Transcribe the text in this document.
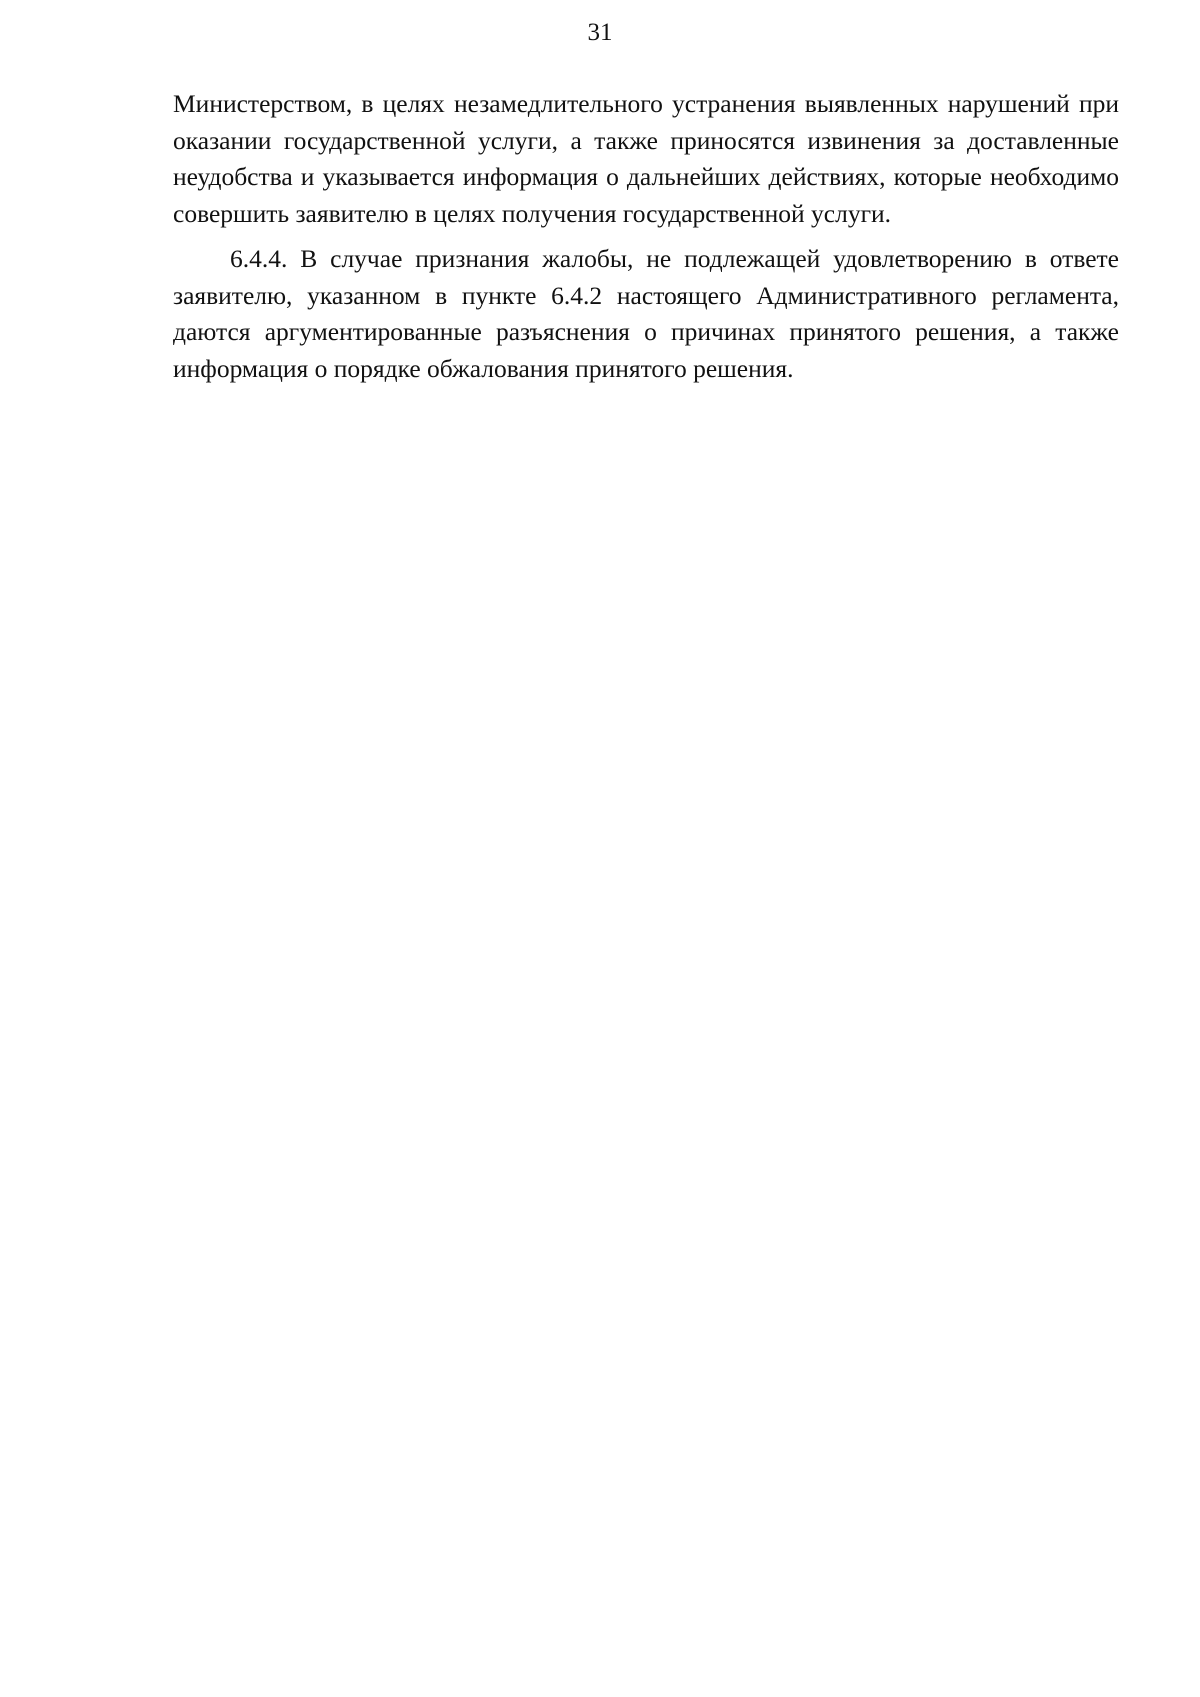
31

Министерством, в целях незамедлительного устранения выявленных нарушений при оказании государственной услуги, а также приносятся извинения за доставленные неудобства и указывается информация о дальнейших действиях, которые необходимо совершить заявителю в целях получения государственной услуги.

6.4.4. В случае признания жалобы, не подлежащей удовлетворению в ответе заявителю, указанном в пункте 6.4.2 настоящего Административного регламента, даются аргументированные разъяснения о причинах принятого решения, а также информация о порядке обжалования принятого решения.
